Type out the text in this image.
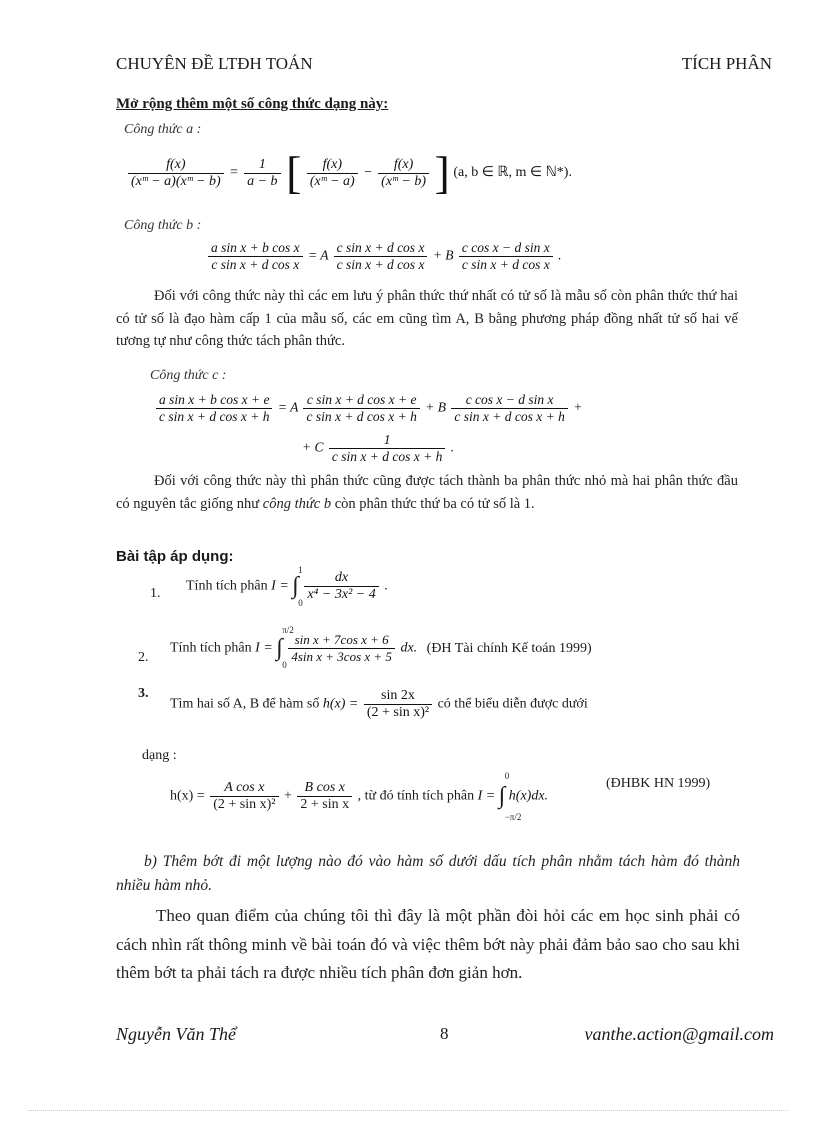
CHUYÊN ĐỀ LTĐH TOÁN	TÍCH PHÂN
Mở rộng thêm một số công thức dạng này:
Công thức a :
$\frac{f(x)}{\text{(xᵐ − a)(xᵐ − b)}} = \frac{1}{a - b}$ [ $\frac{f(x)}{\text{(xᵐ − a)}} - \frac{f(x)}{\text{(xᵐ − b)}}$ ] (a, b ∈ ℝ, m ∈ ℕ*).
Công thức b :
$\frac{\text{a sin x + b cos x}}{\text{c sin x + d cos x}} = A \frac{\text{c sin x + d cos x}}{\text{c sin x + d cos x}} + B \frac{\text{c cos x − d sin x}}{\text{c sin x + d cos x}}$ .
Đối với công thức này thì các em lưu ý phân thức thứ nhất có tử số là mẫu số còn phân thức thứ hai có tử số là đạo hàm cấp 1 của mẫu số, các em cũng tìm A, B bằng phương pháp đồng nhất tử số hai vế tương tự như công thức tách phân thức.
Công thức c :
$\frac{\text{a sin x + b cos x + e}}{\text{c sin x + d cos x + h}} = A \frac{\text{c sin x + d cos x + e}}{\text{c sin x + d cos x + h}} + B \frac{\text{c cos x − d sin x}}{\text{c sin x + d cos x + h}}$ +
+ C $\frac{1}{\text{c sin x + d cos x + h}}$ .
Đối với công thức này thì phân thức cũng được tách thành ba phân thức nhỏ mà hai phân thức đầu có nguyên tắc giống như công thức b còn phân thức thứ ba có tử số là 1.
Bài tập áp dụng:
1. Tính tích phân I = ∫
1
0
$\frac{dx}{\text{x⁴ − 3x² − 4}}$ .
2.
Tính tích phân I = ∫
π/2
0
$\frac{\text{sin x + 7cos x + 6}}{\text{4sin x + 3cos x + 5}}$ dx. (ĐH Tài chính Kế toán 1999)
3.
Tìm hai số A, B để hàm số $h(x) = \frac{\sin 2x}{\text{(2 + sin x)²}}$ có thể biểu diễn được dưới
dạng :
$h(x) = \frac{\text{A cos x}}{\text{(2 + sin x)²}} + \frac{\text{B cos x}}{\text{2 + sin x}}$ , từ đó tính tích phân I = ∫
0
−π/2
h(x)dx.
(ĐHBK HN 1999)
b) Thêm bớt đi một lượng nào đó vào hàm số dưới dấu tích phân nhằm tách hàm đó thành nhiều hàm nhỏ.
Theo quan điểm của chúng tôi thì đây là một phần đòi hỏi các em học sinh phải có cách nhìn rất thông minh về bài toán đó và việc thêm bớt này phải đảm bảo sao cho sau khi thêm bớt ta phải tách ra được nhiều tích phân đơn giản hơn.
Nguyễn Văn Thể	8	vanthe.action@gmail.com
